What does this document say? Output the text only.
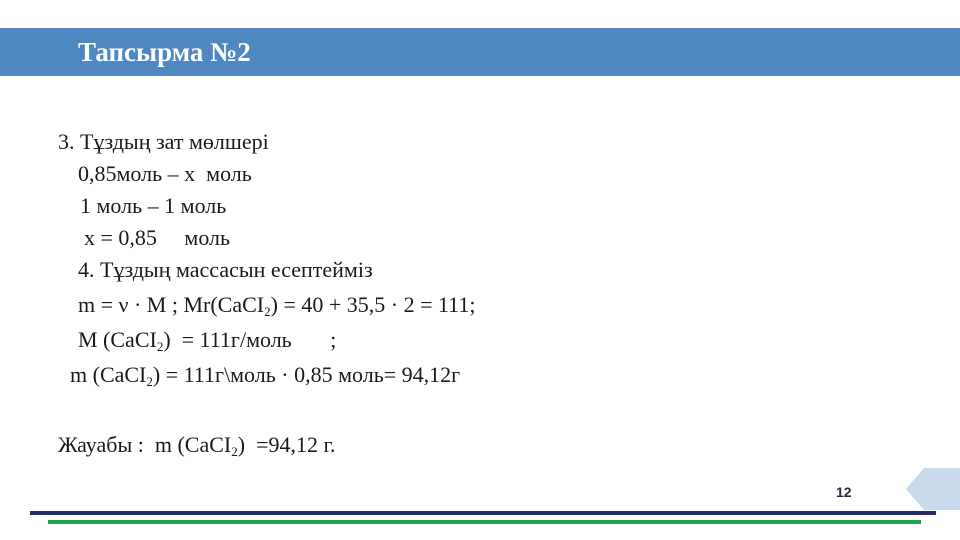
Тапсырма №2
3. Тұздың зат мөлшері
0,85моль – х  моль
1 моль – 1 моль
х = 0,85     моль
4. Тұздың массасын есептейміз
m = ν · M ; Mr(CaCI$_2$) = 40 + 35,5 · 2 = 111;
M (CaCI$_2$)  = 111г/моль       ;
m (CaCI$_2$) = 111г\моль · 0,85 моль= 94,12г
Жауабы :  m (CaCI$_2$)  =94,12 г.
12
